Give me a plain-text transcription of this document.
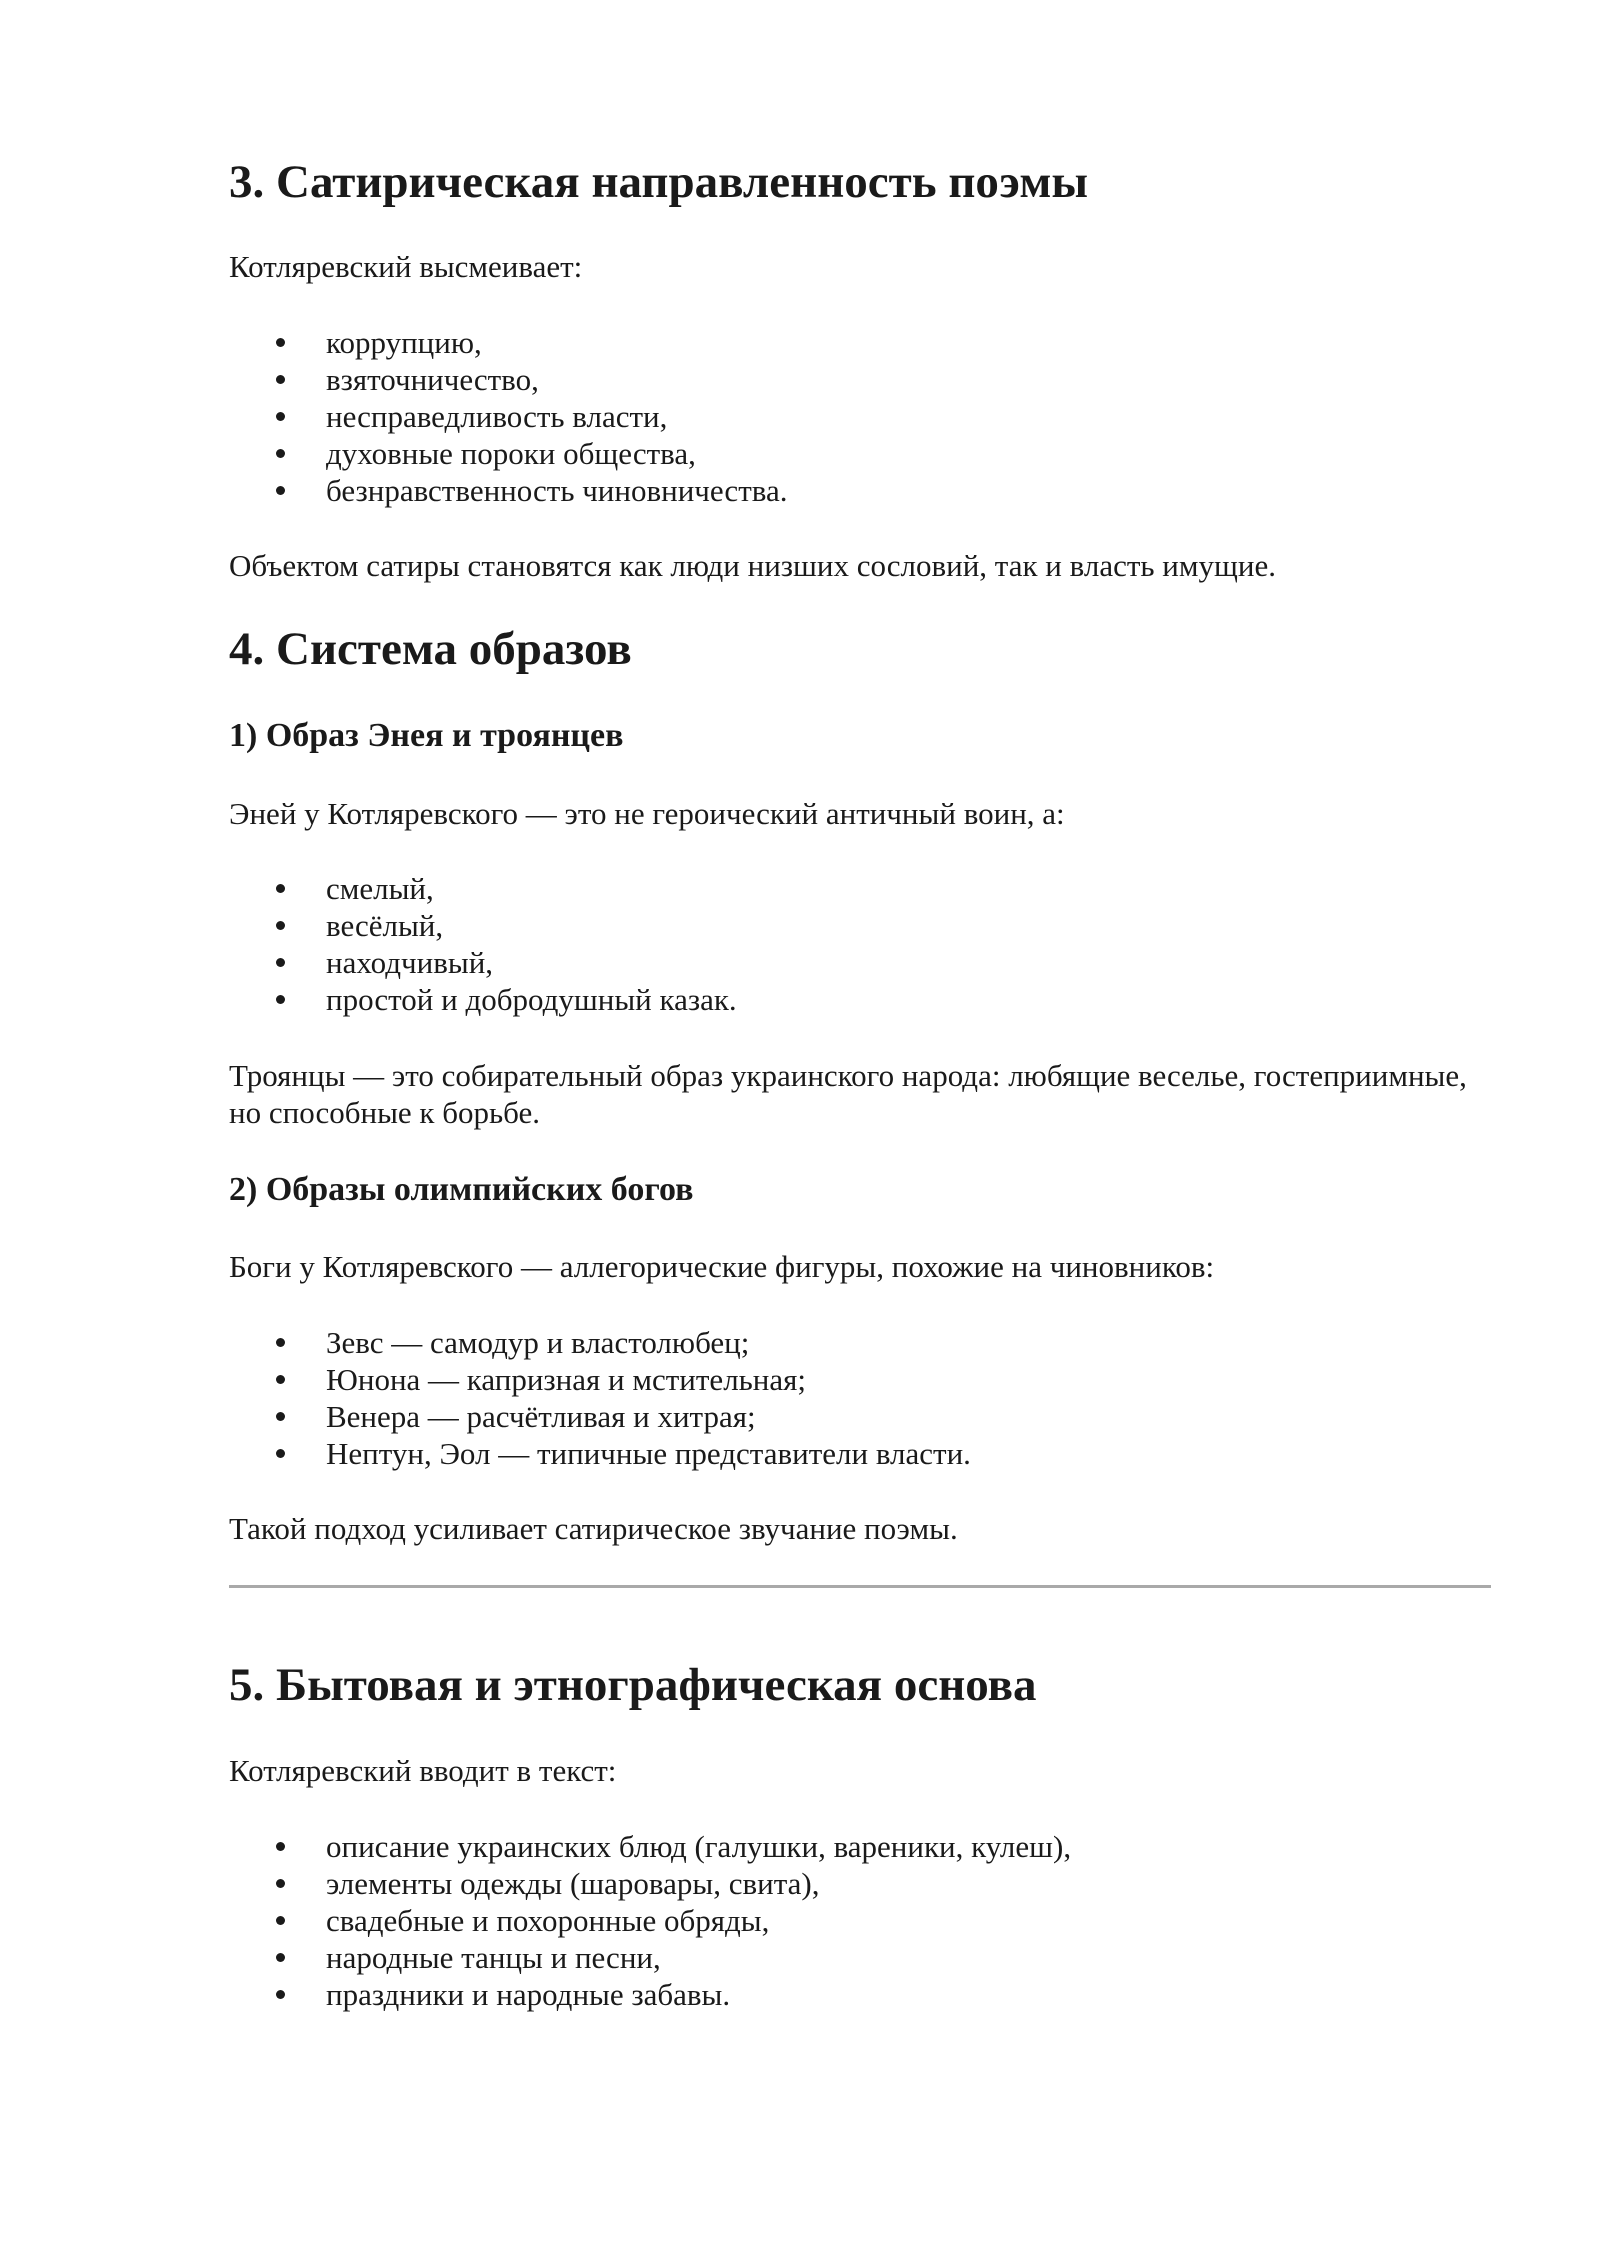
3. Сатирическая направленность поэмы

Котляревский высмеивает:

коррупцию,
взяточничество,
несправедливость власти,
духовные пороки общества,
безнравственность чиновничества.

Объектом сатиры становятся как люди низших сословий, так и власть имущие.

4. Система образов
1) Образ Энея и троянцев

Эней у Котляревского — это не героический античный воин, а:

смелый,
весёлый,
находчивый,
простой и добродушный казак.

Троянцы — это собирательный образ украинского народа: любящие веселье, гостеприимные, но способные к борьбе.

2) Образы олимпийских богов

Боги у Котляревского — аллегорические фигуры, похожие на чиновников:

Зевс — самодур и властолюбец;
Юнона — капризная и мстительная;
Венера — расчётливая и хитрая;
Нептун, Эол — типичные представители власти.

Такой подход усиливает сатирическое звучание поэмы.

5. Бытовая и этнографическая основа

Котляревский вводит в текст:

описание украинских блюд (галушки, вареники, кулеш),
элементы одежды (шаровары, свита),
свадебные и похоронные обряды,
народные танцы и песни,
праздники и народные забавы.
